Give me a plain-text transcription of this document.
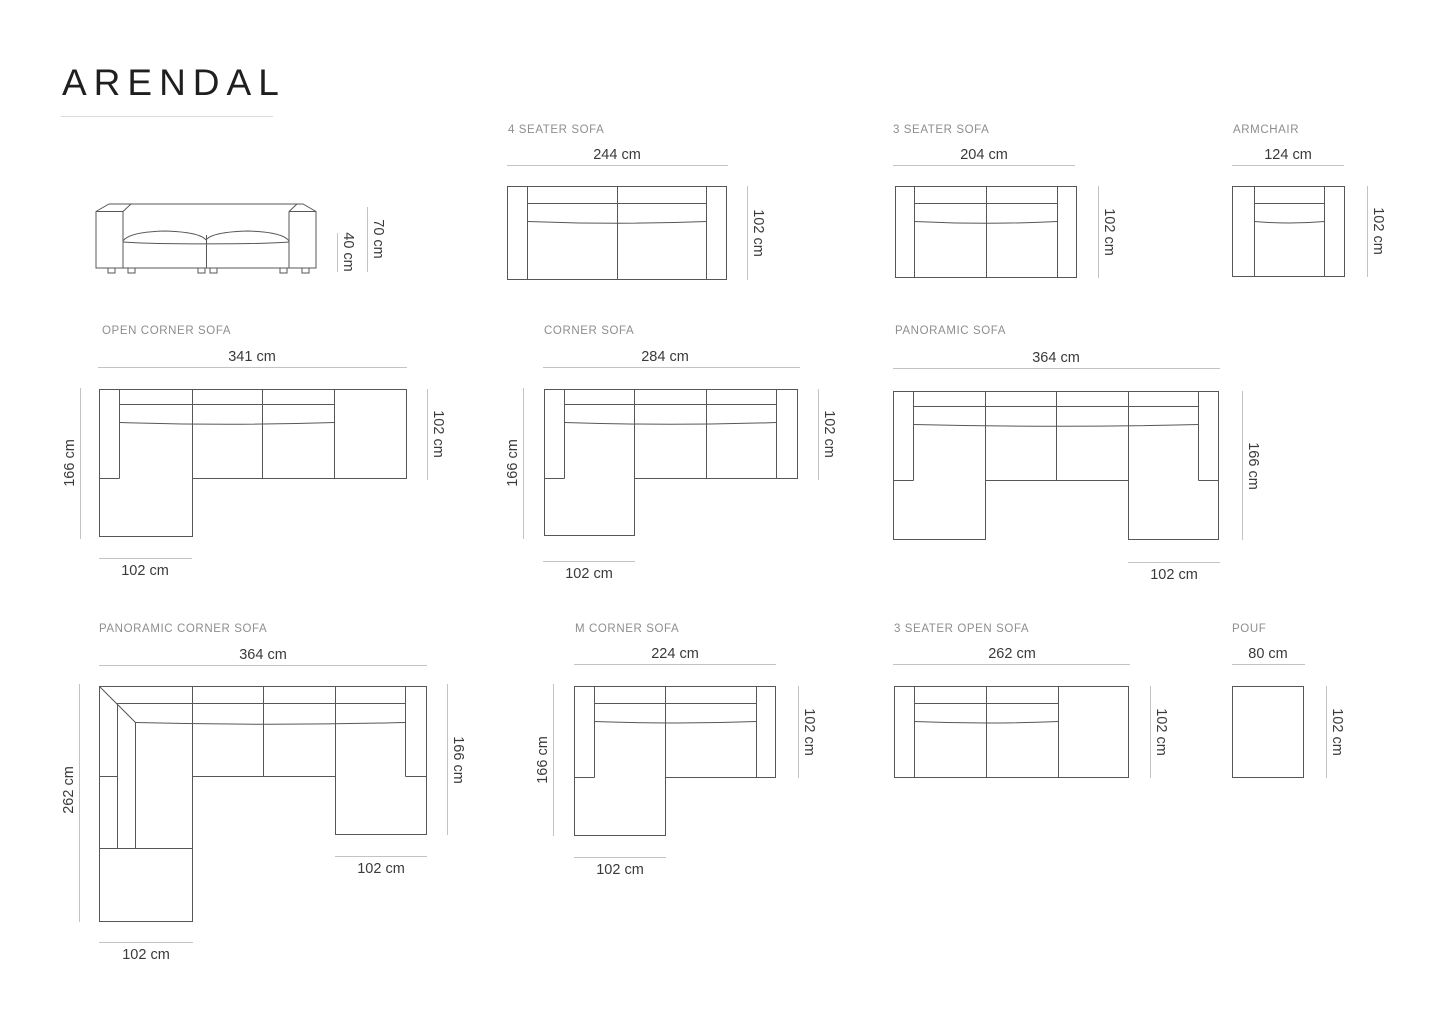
ARENDAL
40 cm 70 cm
4 SEATER SOFA
244 cm
102 cm
3 SEATER SOFA
204 cm
102 cm
ARMCHAIR
124 cm
102 cm
OPEN CORNER SOFA
341 cm
166 cm
102 cm
102 cm
CORNER SOFA
284 cm
166 cm
102 cm
102 cm
PANORAMIC SOFA
364 cm
166 cm
102 cm
PANORAMIC CORNER SOFA
364 cm
262 cm
166 cm
102 cm
102 cm
M CORNER SOFA
224 cm
166 cm
102 cm
102 cm
3 SEATER OPEN SOFA
262 cm
102 cm
POUF
80 cm
102 cm
